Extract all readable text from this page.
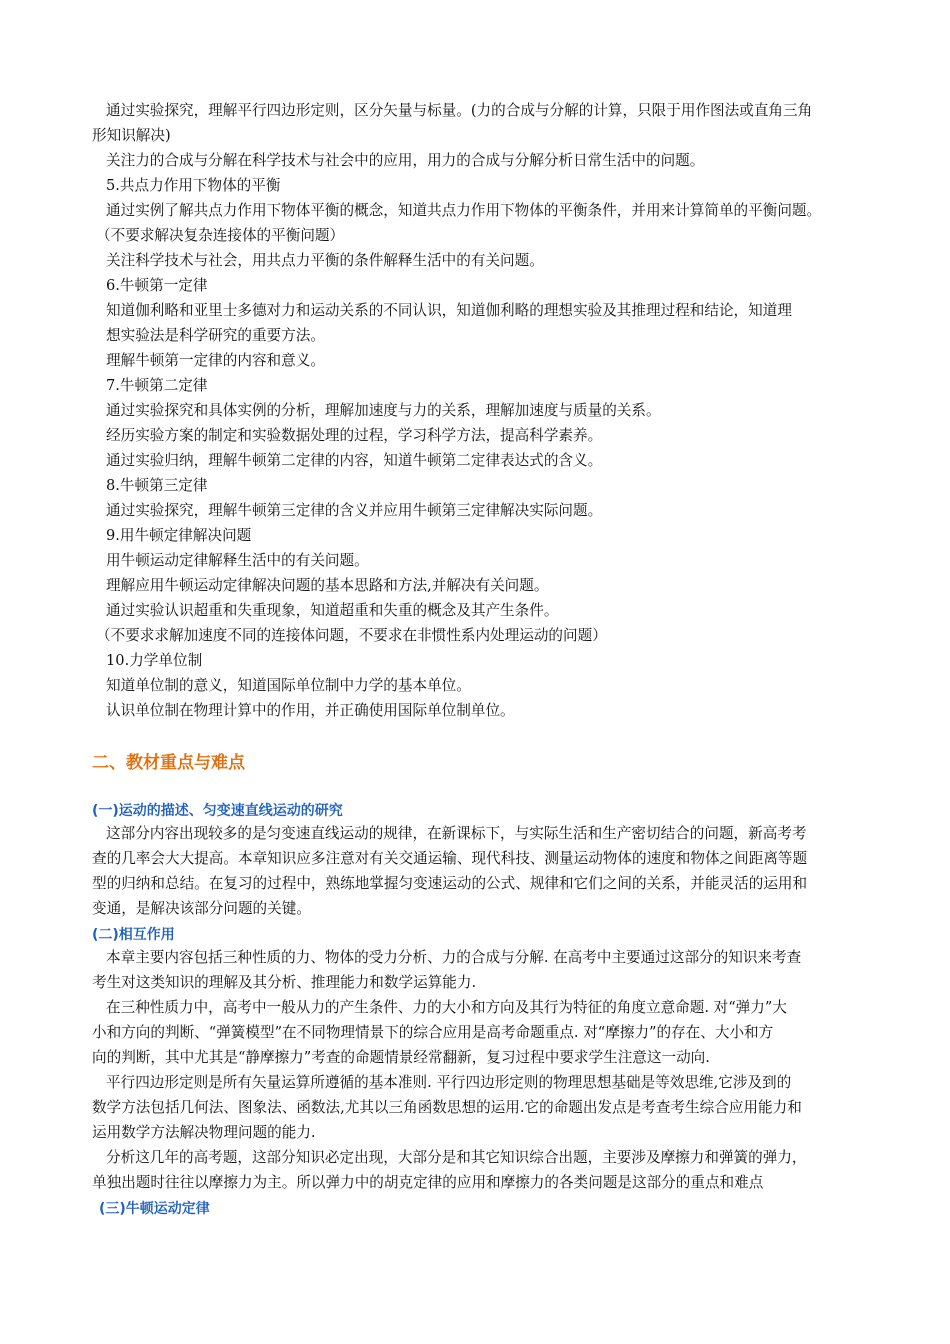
通过实验探究，理解平行四边形定则，区分矢量与标量。(力的合成与分解的计算，只限于用作图法或直角三角
形知识解决)
关注力的合成与分解在科学技术与社会中的应用，用力的合成与分解分析日常生活中的问题。
5.共点力作用下物体的平衡
通过实例了解共点力作用下物体平衡的概念，知道共点力作用下物体的平衡条件，并用来计算简单的平衡问题。
（不要求解决复杂连接体的平衡问题）
关注科学技术与社会，用共点力平衡的条件解释生活中的有关问题。
6.牛顿第一定律
知道伽利略和亚里士多德对力和运动关系的不同认识，知道伽利略的理想实验及其推理过程和结论，知道理
想实验法是科学研究的重要方法。
理解牛顿第一定律的内容和意义。
7.牛顿第二定律
通过实验探究和具体实例的分析，理解加速度与力的关系，理解加速度与质量的关系。
经历实验方案的制定和实验数据处理的过程，学习科学方法，提高科学素养。
通过实验归纳，理解牛顿第二定律的内容，知道牛顿第二定律表达式的含义。
8.牛顿第三定律
通过实验探究，理解牛顿第三定律的含义并应用牛顿第三定律解决实际问题。
9.用牛顿定律解决问题
用牛顿运动定律解释生活中的有关问题。
理解应用牛顿运动定律解决问题的基本思路和方法,并解决有关问题。
通过实验认识超重和失重现象，知道超重和失重的概念及其产生条件。
（不要求求解加速度不同的连接体问题，不要求在非惯性系内处理运动的问题）
10.力学单位制
知道单位制的意义，知道国际单位制中力学的基本单位。
认识单位制在物理计算中的作用，并正确使用国际单位制单位。
二、教材重点与难点
(一)运动的描述、匀变速直线运动的研究
这部分内容出现较多的是匀变速直线运动的规律，在新课标下，与实际生活和生产密切结合的问题，新高考考
查的几率会大大提高。本章知识应多注意对有关交通运输、现代科技、测量运动物体的速度和物体之间距离等题
型的归纳和总结。在复习的过程中，熟练地掌握匀变速运动的公式、规律和它们之间的关系，并能灵活的运用和
变通，是解决该部分问题的关键。
(二)相互作用
本章主要内容包括三种性质的力、物体的受力分析、力的合成与分解. 在高考中主要通过这部分的知识来考查
考生对这类知识的理解及其分析、推理能力和数学运算能力.
在三种性质力中，高考中一般从力的产生条件、力的大小和方向及其行为特征的角度立意命题. 对“弹力”大
小和方向的判断、“弹簧模型”在不同物理情景下的综合应用是高考命题重点. 对“摩擦力”的存在、大小和方
向的判断，其中尤其是“静摩擦力”考查的命题情景经常翻新，复习过程中要求学生注意这一动向.
平行四边形定则是所有矢量运算所遵循的基本准则. 平行四边形定则的物理思想基础是等效思维,它涉及到的
数学方法包括几何法、图象法、函数法,尤其以三角函数思想的运用.它的命题出发点是考查考生综合应用能力和
运用数学方法解决物理问题的能力.
分析这几年的高考题，这部分知识必定出现，大部分是和其它知识综合出题，主要涉及摩擦力和弹簧的弹力，
单独出题时往往以摩擦力为主。所以弹力中的胡克定律的应用和摩擦力的各类问题是这部分的重点和难点
(三)牛顿运动定律
